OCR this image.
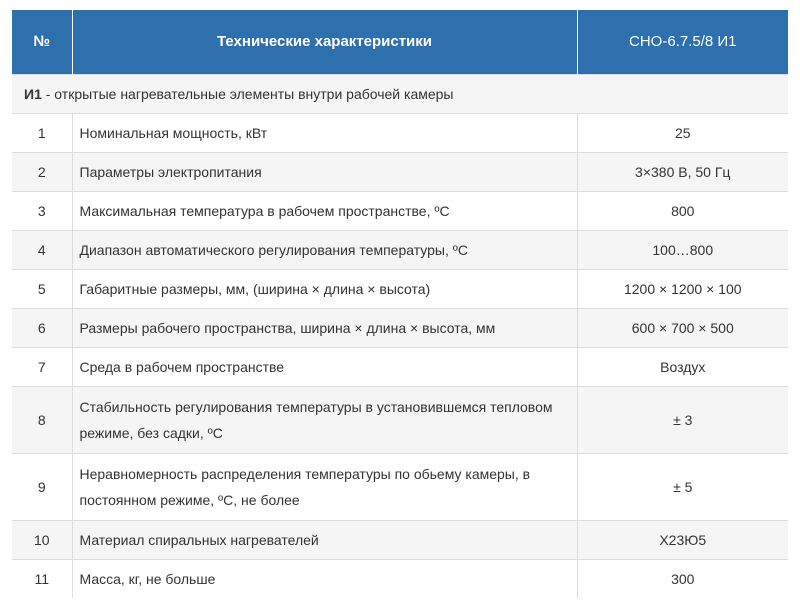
№	Технические характеристики	СНО-6.7.5/8 И1
И1 - открытые нагревательные элементы внутри рабочей камеры		
1	Номинальная мощность, кВт	25
2	Параметры электропитания	3×380 В, 50 Гц
3	Максимальная температура в рабочем пространстве, ºС	800
4	Диапазон автоматического регулирования температуры, ºС	100…800
5	Габаритные размеры, мм, (ширина × длина × высота)	1200 × 1200 × 100
6	Размеры рабочего пространства, ширина × длина × высота, мм	600 × 700 × 500
7	Среда в рабочем пространстве	Воздух
8	Стабильность регулирования температуры в установившемся тепловом режиме, без садки, ºС	± 3
9	Неравномерность распределения температуры по обьему камеры, в постоянном режиме, ºС, не более	± 5
10	Материал спиральных нагревателей	Х23Ю5
11	Масса, кг, не больше	300
